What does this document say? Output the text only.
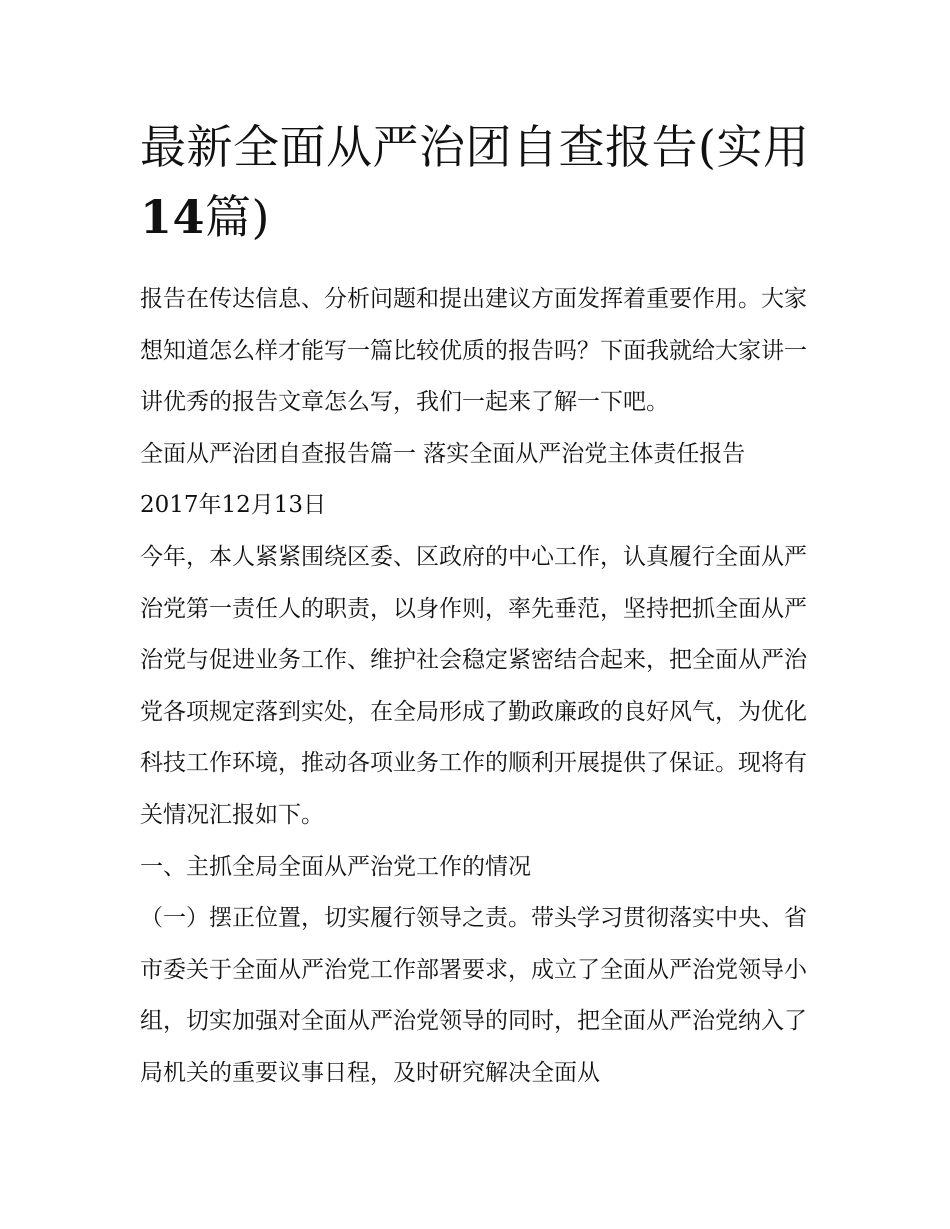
最新全面从严治团自查报告(实用14篇)

报告在传达信息、分析问题和提出建议方面发挥着重要作用。大家想知道怎么样才能写一篇比较优质的报告吗？下面我就给大家讲一讲优秀的报告文章怎么写，我们一起来了解一下吧。

全面从严治团自查报告篇一 落实全面从严治党主体责任报告

2017年12月13日

今年，本人紧紧围绕区委、区政府的中心工作，认真履行全面从严治党第一责任人的职责，以身作则，率先垂范，坚持把抓全面从严治党与促进业务工作、维护社会稳定紧密结合起来，把全面从严治党各项规定落到实处，在全局形成了勤政廉政的良好风气，为优化科技工作环境，推动各项业务工作的顺利开展提供了保证。现将有关情况汇报如下。

一、主抓全局全面从严治党工作的情况

（一）摆正位置，切实履行领导之责。带头学习贯彻落实中央、省市委关于全面从严治党工作部署要求，成立了全面从严治党领导小组，切实加强对全面从严治党领导的同时，把全面从严治党纳入了局机关的重要议事日程，及时研究解决全面从
